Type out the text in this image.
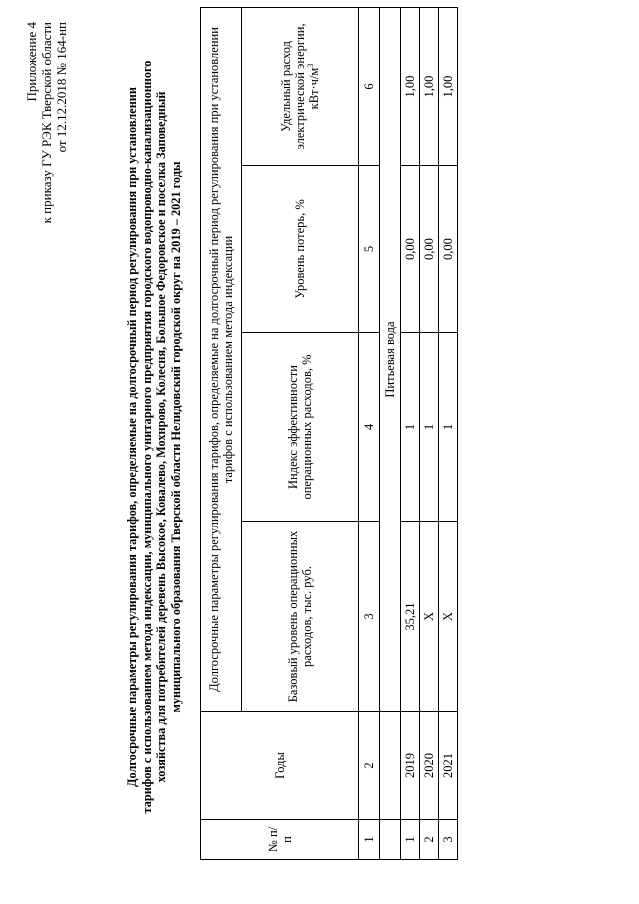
Приложение 4 к приказу ГУ РЭК Тверской области от 12.12.2018 № 164-нп	Долгосрочные параметры регулирования тарифов, определяемые на долгосрочный период регулирования при установлении тарифов с использованием метода индексации, муниципального унитарного предприятия городского водопроводно-канализационного хозяйства для потребителей деревень Высокое, Ковалево, Мохнрово, Колесня, Большое Федоровское и поселка Заповедный муниципального образования Тверской области Нелидовский городской округ на 2019 – 2021 годы
№ п/п	Годы	Долгосрочные параметры регулирования тарифов, определяемые на долгосрочный период регулирования при установлении тарифов с использованием метода индексации			
		Базовый уровень операционных расходов, тыс. руб.	Индекс эффективности операционных расходов, %	Уровень потерь, %	Удельный расход электрической энергии, $кВт\cdot ч/м^3$
1	2	3	4	5	6
		Питьевая вода			
1	2019	35,21	1	0,00	1,00
2	2020	Х	1	0,00	1,00
3	2021	Х	1	0,00	1,00
